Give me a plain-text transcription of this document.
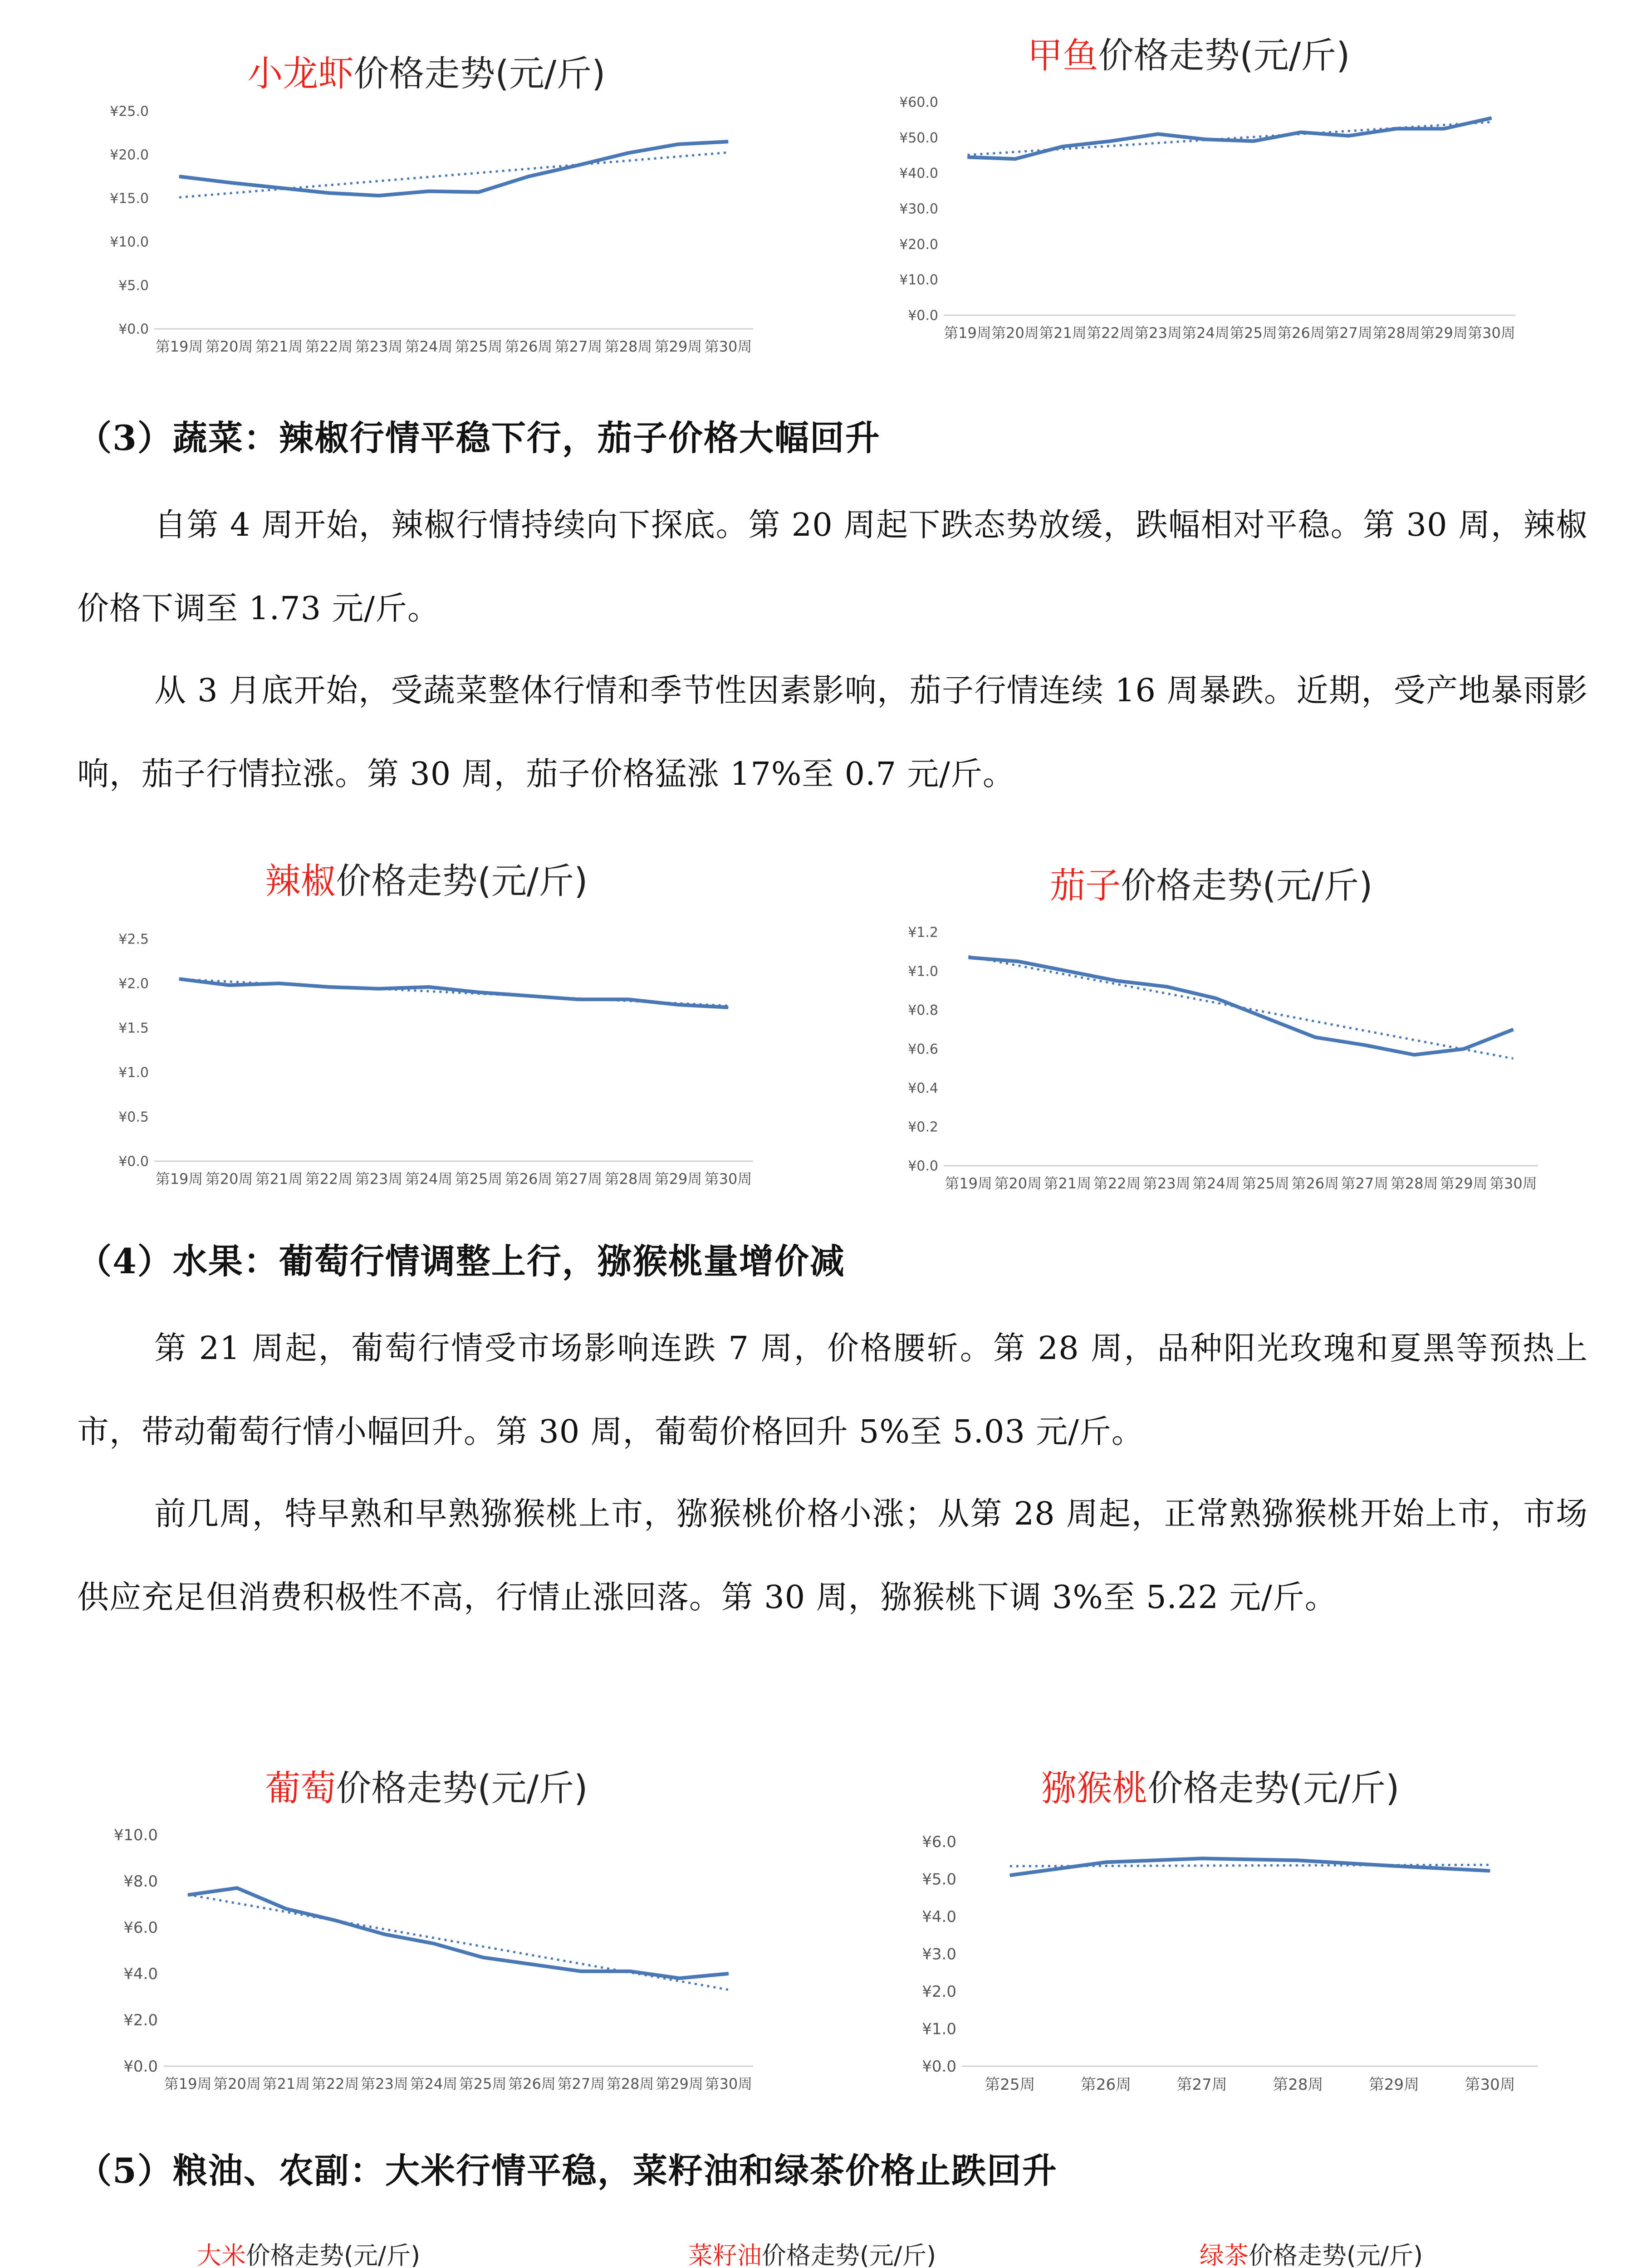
小龙虾价格走势(元/斤)
¥0.0
¥5.0
¥10.0
¥15.0
¥20.0
¥25.0
第19周 第20周 第21周 第22周 第23周 第24周 第25周 第26周 第27周 第28周 第29周 第30周
甲鱼价格走势(元/斤)
¥0.0
¥10.0
¥20.0
¥30.0
¥40.0
¥50.0
¥60.0
第19周 第20周 第21周 第22周 第23周 第24周 第25周 第26周 第27周 第28周 第29周 第30周
（3）蔬菜：辣椒行情平稳下行，茄子价格大幅回升
自第 4 周开始，辣椒行情持续向下探底。第 20 周起下跌态势放缓，跌幅相对平稳。第 30 周，辣椒价格下调至 1.73 元/斤。
从 3 月底开始，受蔬菜整体行情和季节性因素影响，茄子行情连续 16 周暴跌。近期，受产地暴雨影响，茄子行情拉涨。第 30 周，茄子价格猛涨 17%至 0.7 元/斤。
辣椒价格走势(元/斤)
¥0.0
¥0.5
¥1.0
¥1.5
¥2.0
¥2.5
第19周 第20周 第21周 第22周 第23周 第24周 第25周 第26周 第27周 第28周 第29周 第30周
茄子价格走势(元/斤)
¥0.0
¥0.2
¥0.4
¥0.6
¥0.8
¥1.0
¥1.2
第19周 第20周 第21周 第22周 第23周 第24周 第25周 第26周 第27周 第28周 第29周 第30周
（4）水果：葡萄行情调整上行，猕猴桃量增价减
第 21 周起，葡萄行情受市场影响连跌 7 周，价格腰斩。第 28 周，品种阳光玫瑰和夏黑等预热上市，带动葡萄行情小幅回升。第 30 周，葡萄价格回升 5%至 5.03 元/斤。
前几周，特早熟和早熟猕猴桃上市，猕猴桃价格小涨；从第 28 周起，正常熟猕猴桃开始上市，市场供应充足但消费积极性不高，行情止涨回落。第 30 周，猕猴桃下调 3%至 5.22 元/斤。
葡萄价格走势(元/斤)
¥0.0
¥2.0
¥4.0
¥6.0
¥8.0
¥10.0
第19周 第20周 第21周 第22周 第23周 第24周 第25周 第26周 第27周 第28周 第29周 第30周
猕猴桃价格走势(元/斤)
¥0.0
¥1.0
¥2.0
¥3.0
¥4.0
¥5.0
¥6.0
第25周	第26周	第27周	第28周	第29周	第30周
（5）粮油、农副：大米行情平稳，菜籽油和绿茶价格止跌回升
大米价格走势(元/斤)	菜籽油价格走势(元/斤)	绿茶价格走势(元/斤)
